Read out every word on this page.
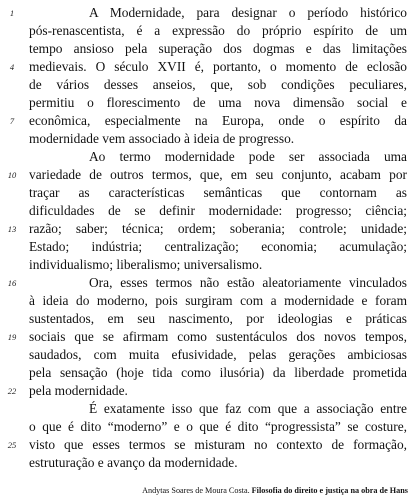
A Modernidade, para designar o período histórico
pós-renascentista, é a expressão do próprio espírito de um
tempo ansioso pela superação dos dogmas e das limitações
medievais. O século XVII é, portanto, o momento de eclosão
de vários desses anseios, que, sob condições peculiares,
permitiu o florescimento de uma nova dimensão social e
econômica, especialmente na Europa, onde o espírito da
modernidade vem associado à ideia de progresso.
Ao termo modernidade pode ser associada uma
variedade de outros termos, que, em seu conjunto, acabam por
traçar as características semânticas que contornam as
dificuldades de se definir modernidade: progresso; ciência;
razão; saber; técnica; ordem; soberania; controle; unidade;
Estado; indústria; centralização; economia; acumulação;
individualismo; liberalismo; universalismo.
Ora, esses termos não estão aleatoriamente vinculados
à ideia do moderno, pois surgiram com a modernidade e foram
sustentados, em seu nascimento, por ideologias e práticas
sociais que se afirmam como sustentáculos dos novos tempos,
saudados, com muita efusividade, pelas gerações ambiciosas
pela sensação (hoje tida como ilusória) da liberdade prometida
pela modernidade.
É exatamente isso que faz com que a associação entre
o que é dito “moderno” e o que é dito “progressista” se costure,
visto que esses termos se misturam no contexto de formação,
estruturação e avanço da modernidade.
1
4
7
10
13
16
19
22
25
Andytas Soares de Moura Costa. Filosofia do direito e justiça na obra de Hans
